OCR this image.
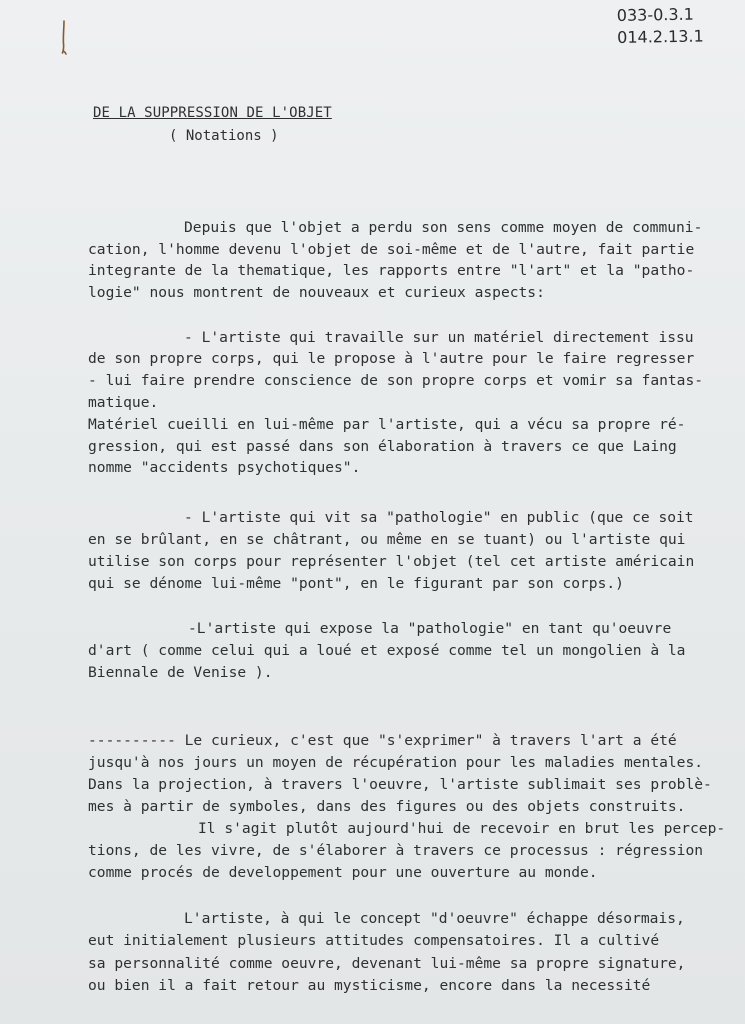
033-0.3.1
014.2.13.1
DE LA SUPPRESSION DE L'OBJET
( Notations )
Depuis que l'objet a perdu son sens comme moyen de communi-
cation, l'homme devenu l'objet de soi-même et de l'autre, fait partie
integrante de la thematique, les rapports entre "l'art" et la "patho-
logie" nous montrent de nouveaux et curieux aspects:
- L'artiste qui travaille sur un matériel directement issu
de son propre corps, qui le propose à l'autre pour le faire regresser
- lui faire prendre conscience de son propre corps et vomir sa fantas-
matique.
Matériel cueilli en lui-même par l'artiste, qui a vécu sa propre ré-
gression, qui est passé dans son élaboration à travers ce que Laing
nomme "accidents psychotiques".
- L'artiste qui vit sa "pathologie" en public (que ce soit
en se brûlant, en se châtrant, ou même en se tuant) ou l'artiste qui
utilise son corps pour représenter l'objet (tel cet artiste américain
qui se dénome lui-même "pont", en le figurant par son corps.)
-L'artiste qui expose la "pathologie" en tant qu'oeuvre
d'art ( comme celui qui a loué et exposé comme tel un mongolien à la
Biennale de Venise ).
---------- Le curieux, c'est que "s'exprimer" à travers l'art a été
jusqu'à nos jours un moyen de récupération pour les maladies mentales.
Dans la projection, à travers l'oeuvre, l'artiste sublimait ses problè-
mes à partir de symboles, dans des figures ou des objets construits.
Il s'agit plutôt aujourd'hui de recevoir en brut les percep-
tions, de les vivre, de s'élaborer à travers ce processus : régression
comme procés de developpement pour une ouverture au monde.
L'artiste, à qui le concept "d'oeuvre" échappe désormais,
eut initialement plusieurs attitudes compensatoires. Il a cultivé
sa personnalité comme oeuvre, devenant lui-même sa propre signature,
ou bien il a fait retour au mysticisme, encore dans la necessité
